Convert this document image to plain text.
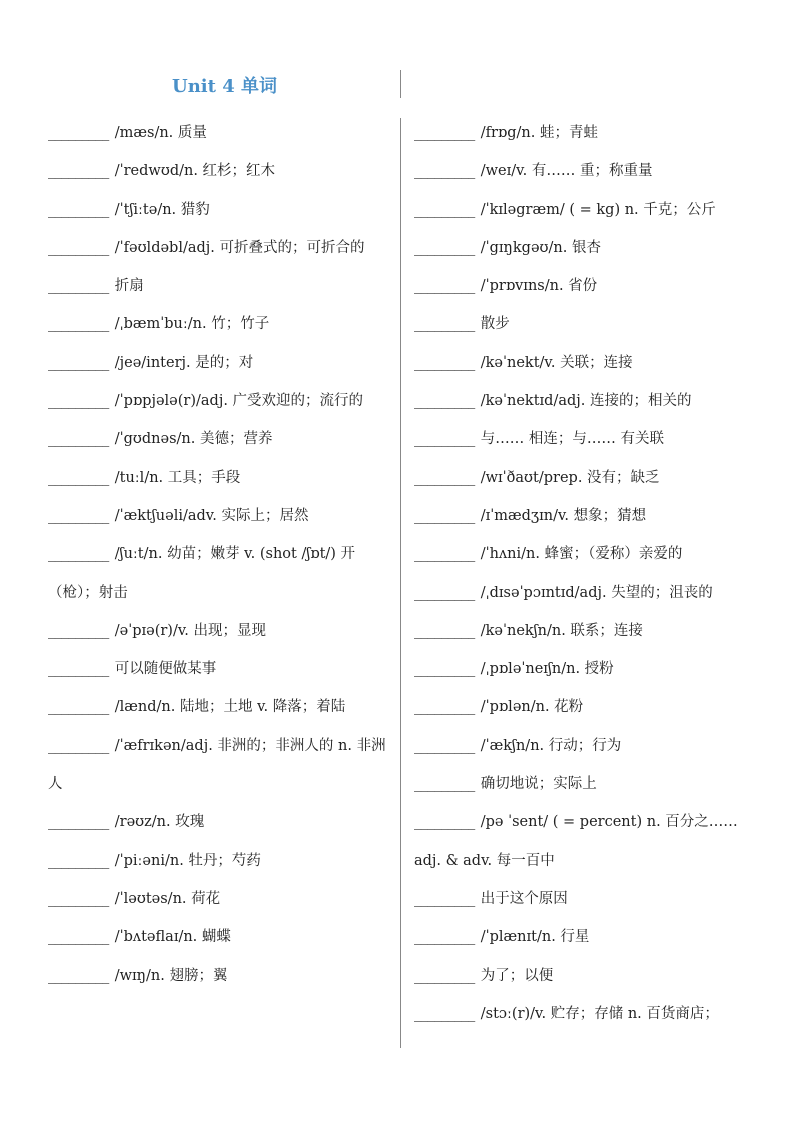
Unit 4 单词
_________ /mæs/n. 质量
_________ /ˈredwʊd/n. 红杉；红木
_________ /ˈtʃiːtə/n. 猎豹
_________ /ˈfəʊldəbl/adj. 可折叠式的；可折合的
_________ 折扇
_________ /ˌbæmˈbuː/n. 竹；竹子
_________ /jeə/interj. 是的；对
_________ /ˈpɒpjələ(r)/adj. 广受欢迎的；流行的
_________ /ˈgʊdnəs/n. 美德；营养
_________ /tuːl/n. 工具；手段
_________ /ˈæktʃuəli/adv. 实际上；居然
_________ /ʃuːt/n. 幼苗；嫩芽 v. (shot /ʃɒt/) 开（枪）；射击
_________ /əˈpɪə(r)/v. 出现；显现
_________ 可以随便做某事
_________ /lænd/n. 陆地；土地 v. 降落；着陆
_________ /ˈæfrɪkən/adj. 非洲的；非洲人的 n. 非洲人
_________ /rəʊz/n. 玫瑰
_________ /ˈpiːəni/n. 牡丹；芍药
_________ /ˈləʊtəs/n. 荷花
_________ /ˈbʌtəflaɪ/n. 蝴蝶
_________ /wɪŋ/n. 翅膀；翼
_________ /frɒg/n. 蛙；青蛙
_________ /weɪ/v. 有…… 重；称重量
_________ /ˈkɪləgræm/ ( = kg) n. 千克；公斤
_________ /ˈgɪŋkgəʊ/n. 银杏
_________ /ˈprɒvɪns/n. 省份
_________ 散步
_________ /kəˈnekt/v. 关联；连接
_________ /kəˈnektɪd/adj. 连接的；相关的
_________ 与…… 相连；与…… 有关联
_________ /wɪˈðaʊt/prep. 没有；缺乏
_________ /ɪˈmædʒɪn/v. 想象；猜想
_________ /ˈhʌni/n. 蜂蜜；（爱称）亲爱的
_________ /ˌdɪsəˈpɔɪntɪd/adj. 失望的；沮丧的
_________ /kəˈnekʃn/n. 联系；连接
_________ /ˌpɒləˈneɪʃn/n. 授粉
_________ /ˈpɒlən/n. 花粉
_________ /ˈækʃn/n. 行动；行为
_________ 确切地说；实际上
_________ /pə ˈsent/ ( = percent) n. 百分之…… adj. & adv. 每一百中
_________ 出于这个原因
_________ /ˈplænɪt/n. 行星
_________ 为了；以便
_________ /stɔː(r)/v. 贮存；存储 n. 百货商店；
